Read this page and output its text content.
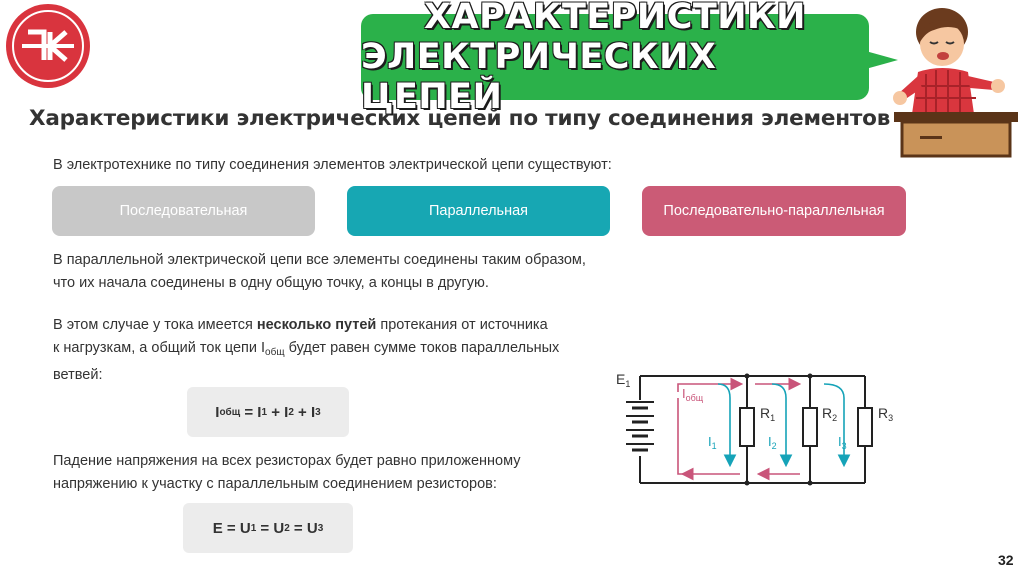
ХАРАКТЕРИСТИКИ
ЭЛЕКТРИЧЕСКИХ ЦЕПЕЙ
Характеристики электрических цепей по типу соединения элементов
В электротехнике по типу соединения элементов электрической цепи существуют:
Последовательная	Параллельная	Последовательно-параллельная
В параллельной электрической цепи все элементы соединены таким образом,
что их начала соединены в одну общую точку, а концы в другую.
В этом случае у тока имеется несколько путей протекания от источника
к нагрузкам, а общий ток цепи $I_{общ}$ будет равен сумме токов параллельных
ветвей:
I общ = I 1 + I 2 + I 3
Падение напряжения на всех резисторах будет равно приложенному
напряжению к участку с параллельным соединением резисторов:
E = U 1 = U 2 = U 3
$E_1$
$I_{общ}$
$R_1$	$R_2$	$R_3$
$I_1$	$I_2$	$I_3$
32
